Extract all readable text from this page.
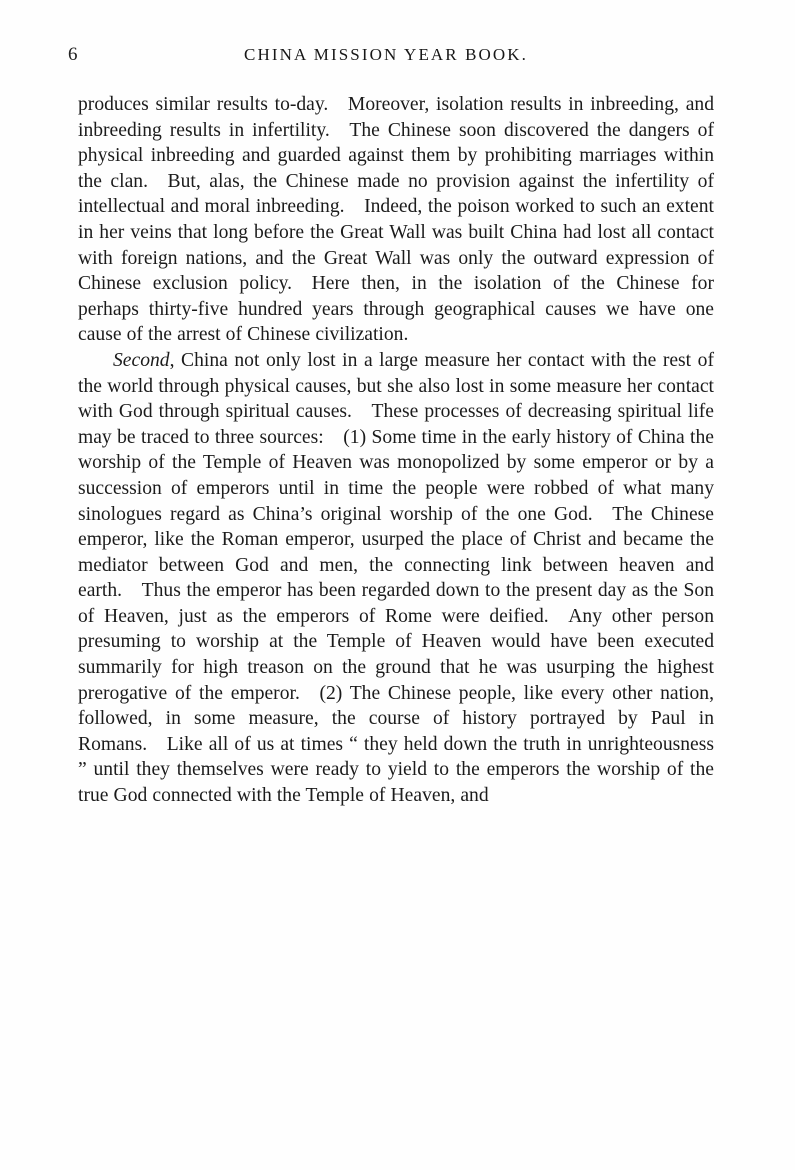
6	CHINA MISSION YEAR BOOK.

produces similar results to-day. Moreover, isolation results in inbreeding, and inbreeding results in infertility. The Chinese soon discovered the dangers of physical inbreeding and guarded against them by prohibiting marriages within the clan. But, alas, the Chinese made no provision against the infertility of intellectual and moral inbreeding. Indeed, the poison worked to such an extent in her veins that long before the Great Wall was built China had lost all contact with foreign nations, and the Great Wall was only the outward expression of Chinese exclusion policy. Here then, in the isolation of the Chinese for perhaps thirty-five hundred years through geographical causes we have one cause of the arrest of Chinese civilization.

Second, China not only lost in a large measure her contact with the rest of the world through physical causes, but she also lost in some measure her contact with God through spiritual causes. These processes of decreasing spiritual life may be traced to three sources: (1) Some time in the early history of China the worship of the Temple of Heaven was monopolized by some emperor or by a succession of emperors until in time the people were robbed of what many sinologues regard as China’s original worship of the one God. The Chinese emperor, like the Roman emperor, usurped the place of Christ and became the mediator between God and men, the connecting link between heaven and earth. Thus the emperor has been regarded down to the present day as the Son of Heaven, just as the emperors of Rome were deified. Any other person presuming to worship at the Temple of Heaven would have been executed summarily for high treason on the ground that he was usurping the highest prerogative of the emperor. (2) The Chinese people, like every other nation, followed, in some measure, the course of history portrayed by Paul in Romans. Like all of us at times “ they held down the truth in unrighteousness ” until they themselves were ready to yield to the emperors the worship of the true God connected with the Temple of Heaven, and
